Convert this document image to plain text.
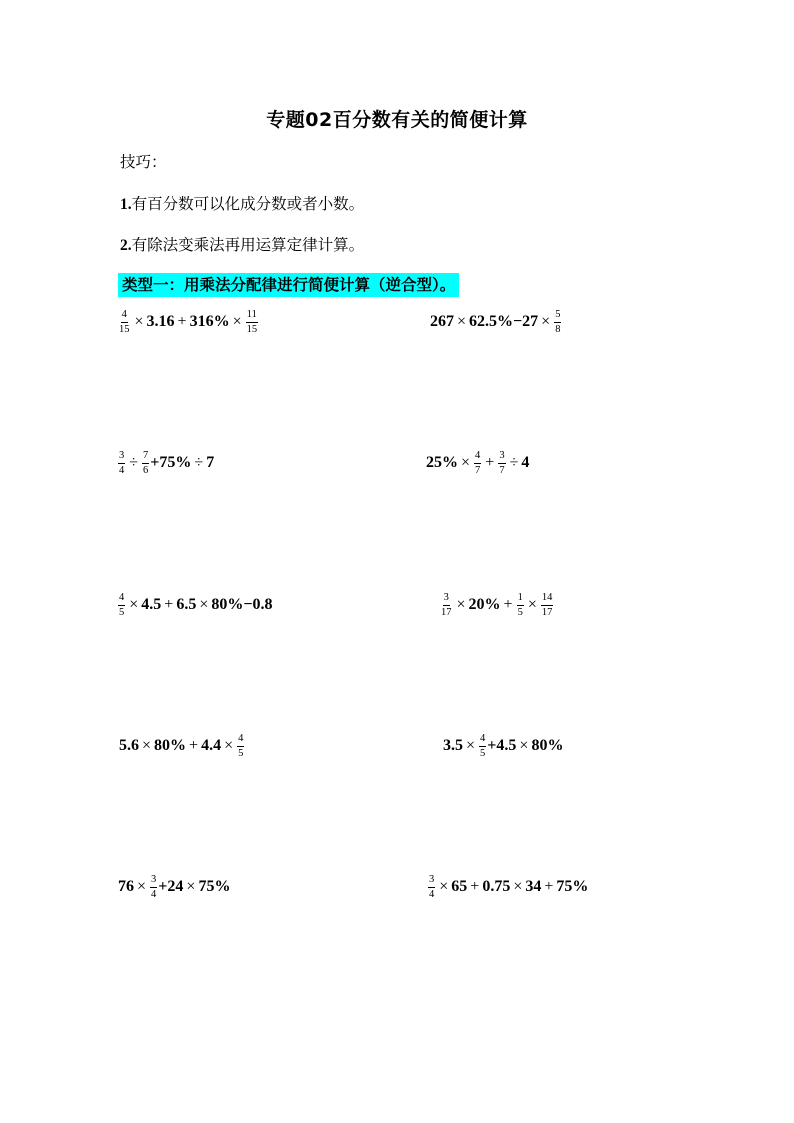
专题02百分数有关的简便计算
技巧：
1.有百分数可以化成分数或者小数。
2.有除法变乘法再用运算定律计算。
类型一：用乘法分配律进行简便计算（逆合型）。
$\frac{4}{15} \times 3.16 + 316\% \times \frac{11}{15}$	$267 \times 62.5\% -27 \times \frac{5}{8}$
$\frac{3}{4} \div \frac{7}{6} +75\% \div 7$	$25\% \times \frac{4}{7} + \frac{3}{7} \div 4$
$\frac{4}{5} \times 4.5 + 6.5 \times 80\%-0.8$	$\frac{3}{17} \times 20\% + \frac{1}{5} \times \frac{14}{17}$
$5.6 \times 80\% + 4.4 \times \frac{4}{5}$	$3.5 \times \frac{4}{5} +4.5 \times 80\%$
$76 \times \frac{3}{4} +24 \times 75\%$	$\frac{3}{4} \times 65 + 0.75 \times 34 + 75\%$
